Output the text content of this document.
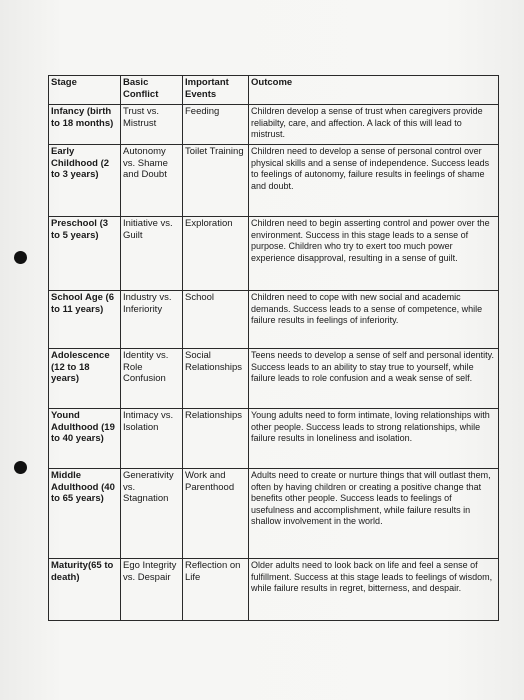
Stage	Basic Conflict	Important Events	Outcome
Infancy (birth to 18 months)	Trust vs. Mistrust	Feeding	Children develop a sense of trust when caregivers provide reliabilty, care, and affection. A lack of this will lead to mistrust.
Early Childhood (2 to 3 years)	Autonomy vs. Shame and Doubt	Toilet Training	Children need to develop a sense of personal control over physical skills and a sense of independence. Success leads to feelings of autonomy, failure results in feelings of shame and doubt.
Preschool (3 to 5 years)	Initiative vs. Guilt	Exploration	Children need to begin asserting control and power over the environment. Success in this stage leads to a sense of purpose. Children who try to exert too much power experience disapproval, resulting in a sense of guilt.
School Age (6 to 11 years)	Industry vs. Inferiority	School	Children need to cope with new social and academic demands. Success leads to a sense of competence, while failure results in feelings of inferiority.
Adolescence (12 to 18 years)	Identity vs. Role Confusion	Social Relationships	Teens needs to develop a sense of self and personal identity. Success leads to an ability to stay true to yourself, while failure leads to role confusion and a weak sense of self.
Yound Adulthood (19 to 40 years)	Intimacy vs. Isolation	Relationships	Young adults need to form intimate, loving relationships with other people. Success leads to strong relationships, while failure results in loneliness and isolation.
Middle Adulthood (40 to 65 years)	Generativity vs. Stagnation	Work and Parenthood	Adults need to create or nurture things that will outlast them, often by having children or creating a positive change that benefits other people. Success leads to feelings of usefulness and accomplishment, while failure results in shallow involvement in the world.
Maturity(65 to death)	Ego Integrity vs. Despair	Reflection on Life	Older adults need to look back on life and feel a sense of fulfillment. Success at this stage leads to feelings of wisdom, while failure results in regret, bitterness, and despair.
